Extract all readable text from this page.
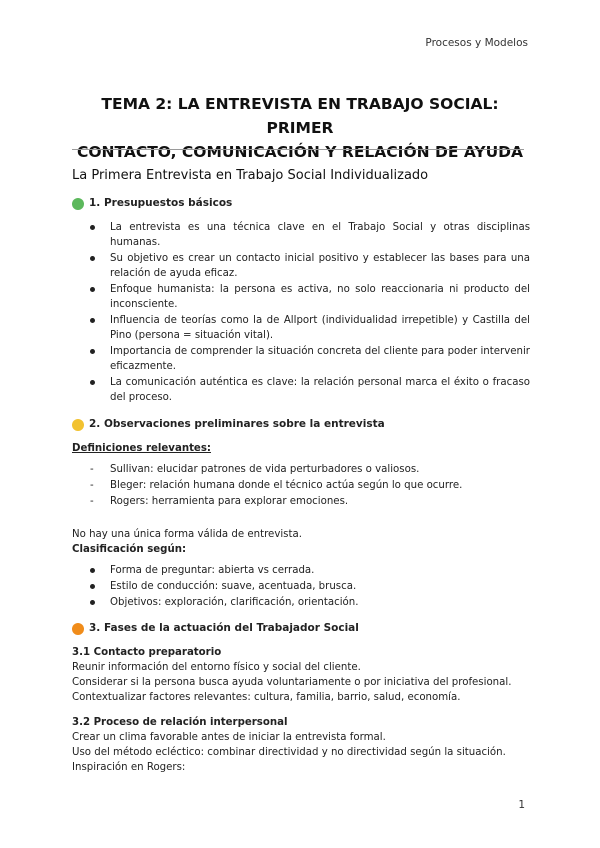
Procesos y Modelos
TEMA 2: LA ENTREVISTA EN TRABAJO SOCIAL: PRIMER
CONTACTO, COMUNICACIÓN Y RELACIÓN DE AYUDA
La Primera Entrevista en Trabajo Social Individualizado
1. Presupuestos básicos
La entrevista es una técnica clave en el Trabajo Social y otras disciplinas humanas.
Su objetivo es crear un contacto inicial positivo y establecer las bases para una relación de ayuda eficaz.
Enfoque humanista: la persona es activa, no solo reaccionaria ni producto del inconsciente.
Influencia de teorías como la de Allport (individualidad irrepetible) y Castilla del Pino (persona = situación vital).
Importancia de comprender la situación concreta del cliente para poder intervenir eficazmente.
La comunicación auténtica es clave: la relación personal marca el éxito o fracaso del proceso.
2. Observaciones preliminares sobre la entrevista
Definiciones relevantes:
- Sullivan: elucidar patrones de vida perturbadores o valiosos.
- Bleger: relación humana donde el técnico actúa según lo que ocurre.
- Rogers: herramienta para explorar emociones.

No hay una única forma válida de entrevista.

Clasificación según:
Forma de preguntar: abierta vs cerrada.
Estilo de conducción: suave, acentuada, brusca.
Objetivos: exploración, clarificación, orientación.
3. Fases de la actuación del Trabajador Social
3.1 Contacto preparatorio

Reunir información del entorno físico y social del cliente.

Considerar si la persona busca ayuda voluntariamente o por iniciativa del profesional.

Contextualizar factores relevantes: cultura, familia, barrio, salud, economía.

3.2 Proceso de relación interpersonal

Crear un clima favorable antes de iniciar la entrevista formal.

Uso del método ecléctico: combinar directividad y no directividad según la situación.

Inspiración en Rogers:

1
